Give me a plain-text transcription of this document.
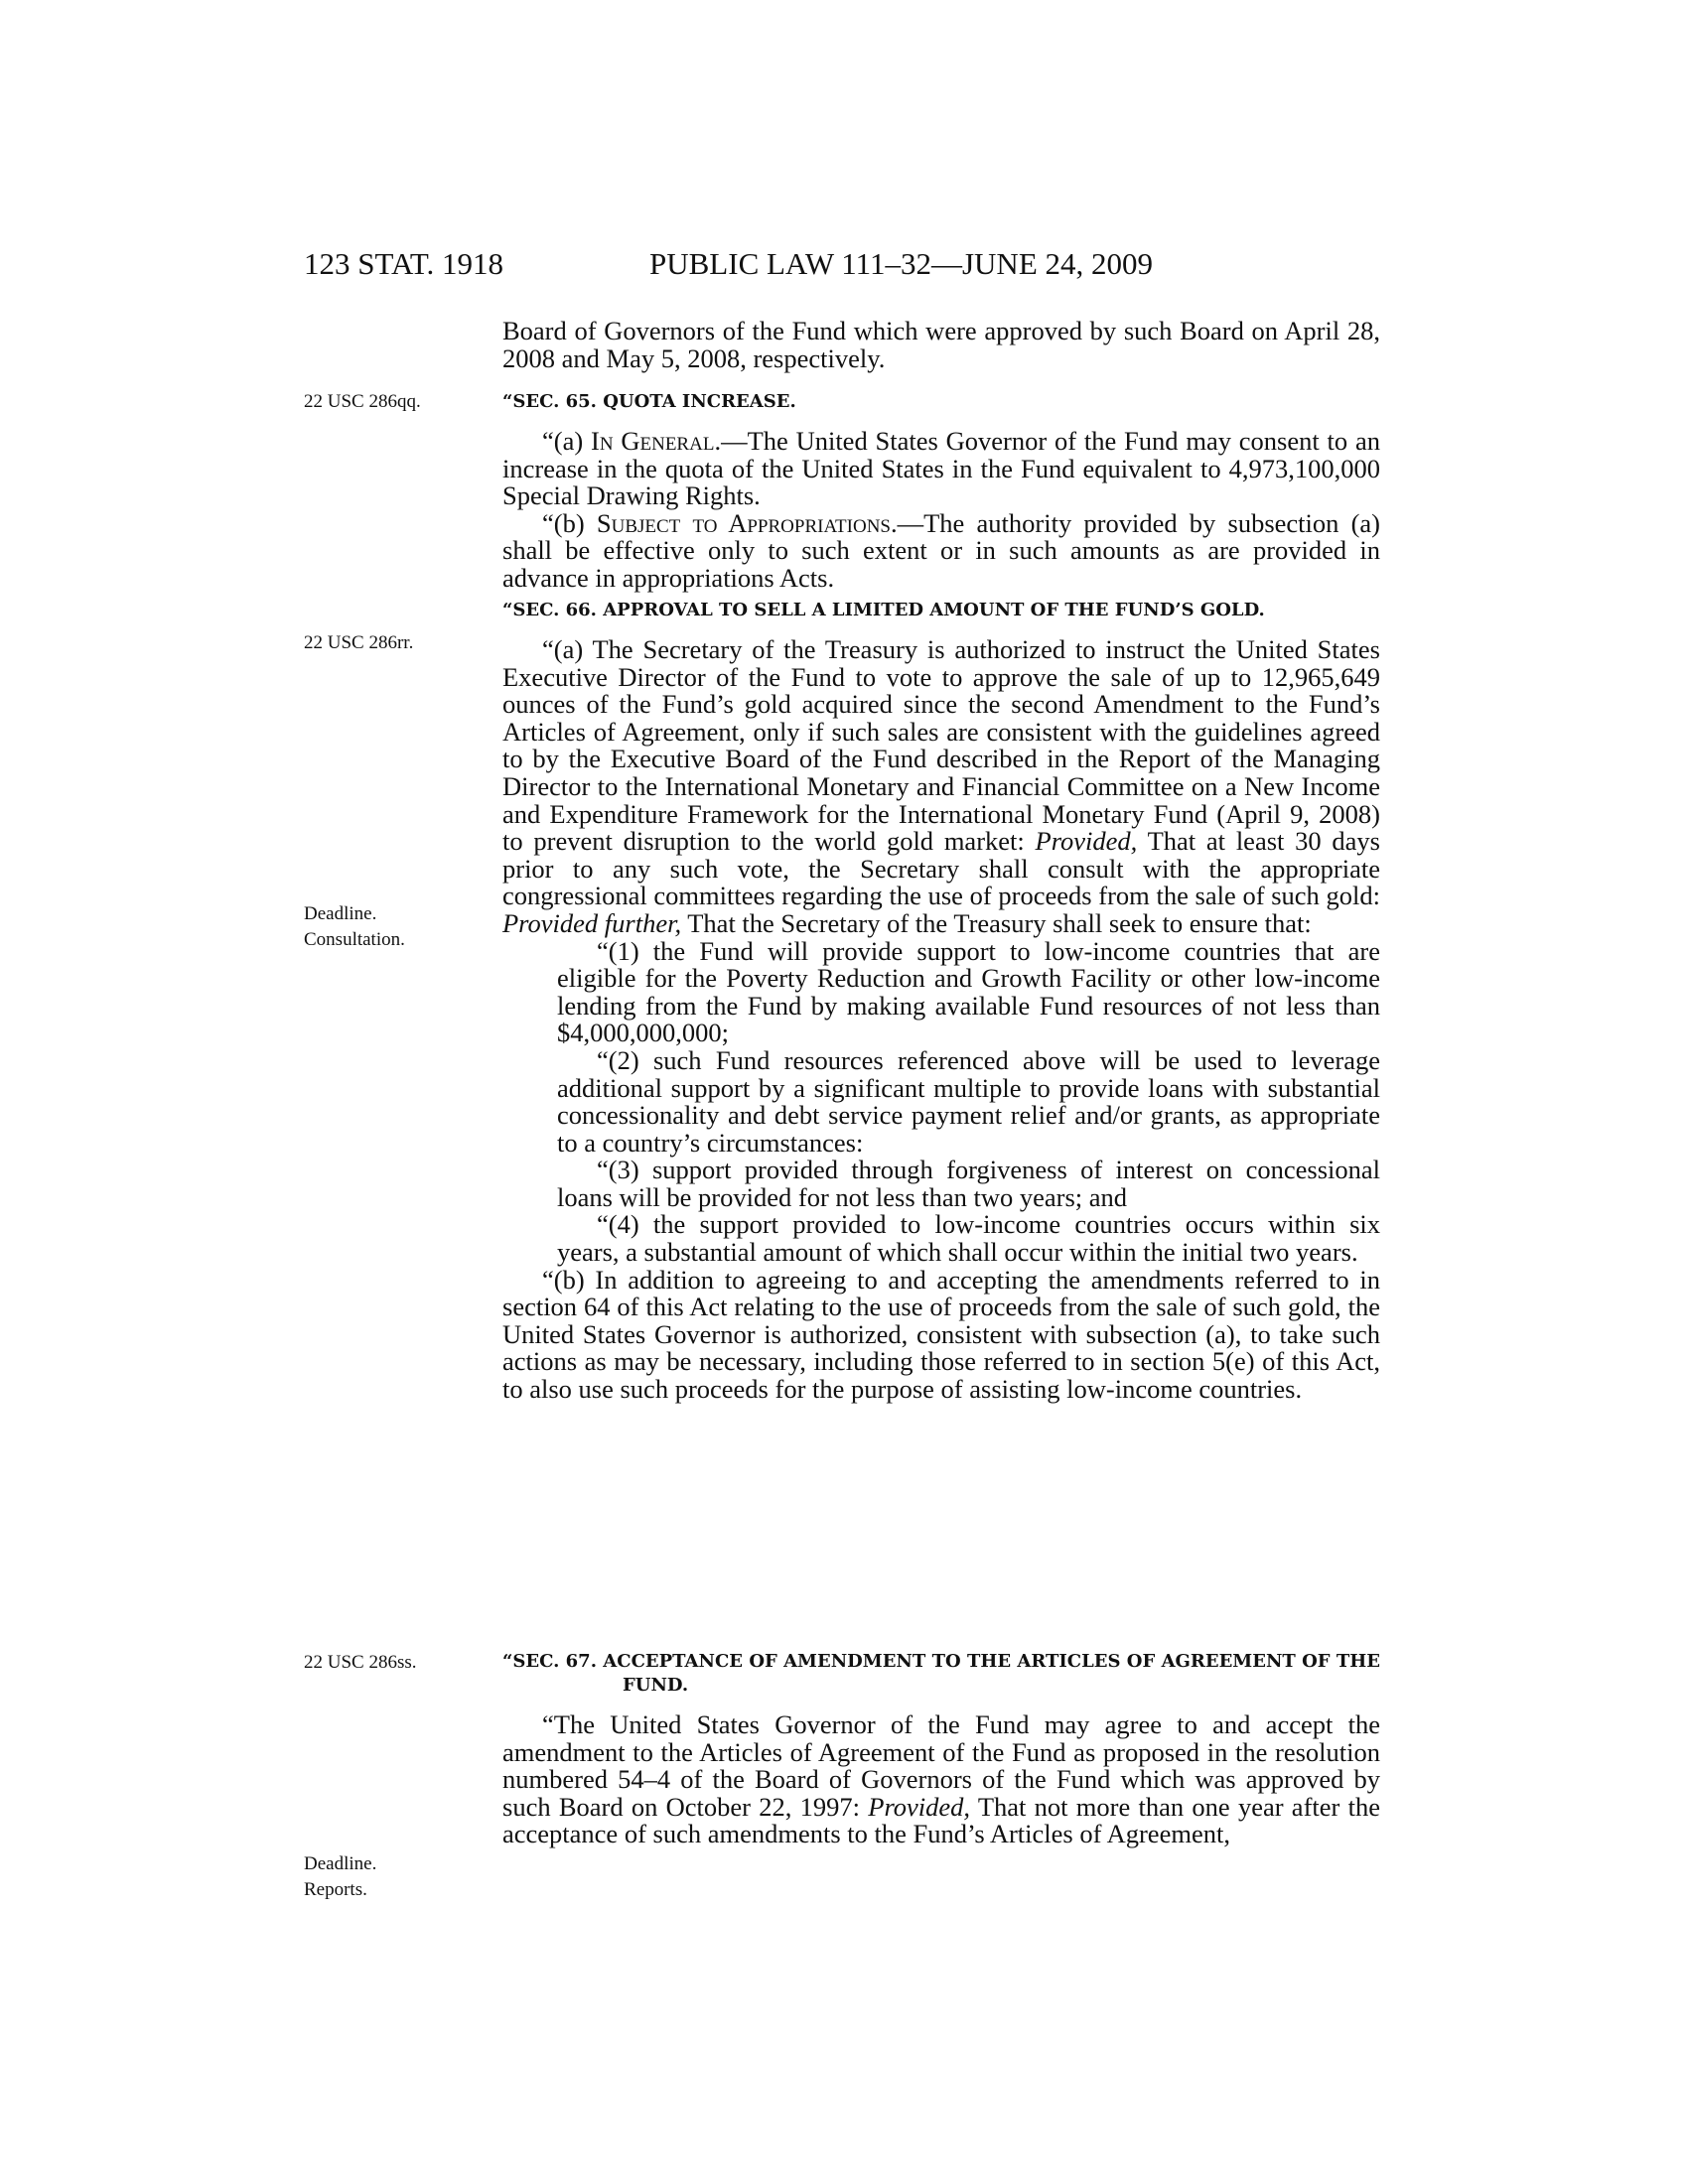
123 STAT. 1918	PUBLIC LAW 111–32—JUNE 24, 2009
22 USC 286qq.
22 USC 286rr.
Deadline.
Consultation.
22 USC 286ss.
Deadline.
Reports.

Board of Governors of the Fund which were approved by such Board on April 28, 2008 and May 5, 2008, respectively.

“SEC. 65. QUOTA INCREASE.

“(a) In General.—The United States Governor of the Fund may consent to an increase in the quota of the United States in the Fund equivalent to 4,973,100,000 Special Drawing Rights.

“(b) Subject to Appropriations.—The authority provided by subsection (a) shall be effective only to such extent or in such amounts as are provided in advance in appropriations Acts.

“SEC. 66. APPROVAL TO SELL A LIMITED AMOUNT OF THE FUND’S GOLD.

“(a) The Secretary of the Treasury is authorized to instruct the United States Executive Director of the Fund to vote to approve the sale of up to 12,965,649 ounces of the Fund’s gold acquired since the second Amendment to the Fund’s Articles of Agreement, only if such sales are consistent with the guidelines agreed to by the Executive Board of the Fund described in the Report of the Managing Director to the International Monetary and Financial Committee on a New Income and Expenditure Framework for the International Monetary Fund (April 9, 2008) to prevent disruption to the world gold market: Provided, That at least 30 days prior to any such vote, the Secretary shall consult with the appropriate congressional committees regarding the use of proceeds from the sale of such gold: Provided further, That the Secretary of the Treasury shall seek to ensure that:

“(1) the Fund will provide support to low-income countries that are eligible for the Poverty Reduction and Growth Facility or other low-income lending from the Fund by making available Fund resources of not less than $4,000,000,000;

“(2) such Fund resources referenced above will be used to leverage additional support by a significant multiple to provide loans with substantial concessionality and debt service payment relief and/or grants, as appropriate to a country’s circumstances:

“(3) support provided through forgiveness of interest on concessional loans will be provided for not less than two years; and

“(4) the support provided to low-income countries occurs within six years, a substantial amount of which shall occur within the initial two years.

“(b) In addition to agreeing to and accepting the amendments referred to in section 64 of this Act relating to the use of proceeds from the sale of such gold, the United States Governor is authorized, consistent with subsection (a), to take such actions as may be necessary, including those referred to in section 5(e) of this Act, to also use such proceeds for the purpose of assisting low-income countries.

“SEC. 67. ACCEPTANCE OF AMENDMENT TO THE ARTICLES OF AGREEMENT OF THE FUND.

“The United States Governor of the Fund may agree to and accept the amendment to the Articles of Agreement of the Fund as proposed in the resolution numbered 54–4 of the Board of Governors of the Fund which was approved by such Board on October 22, 1997: Provided, That not more than one year after the acceptance of such amendments to the Fund’s Articles of Agreement,
